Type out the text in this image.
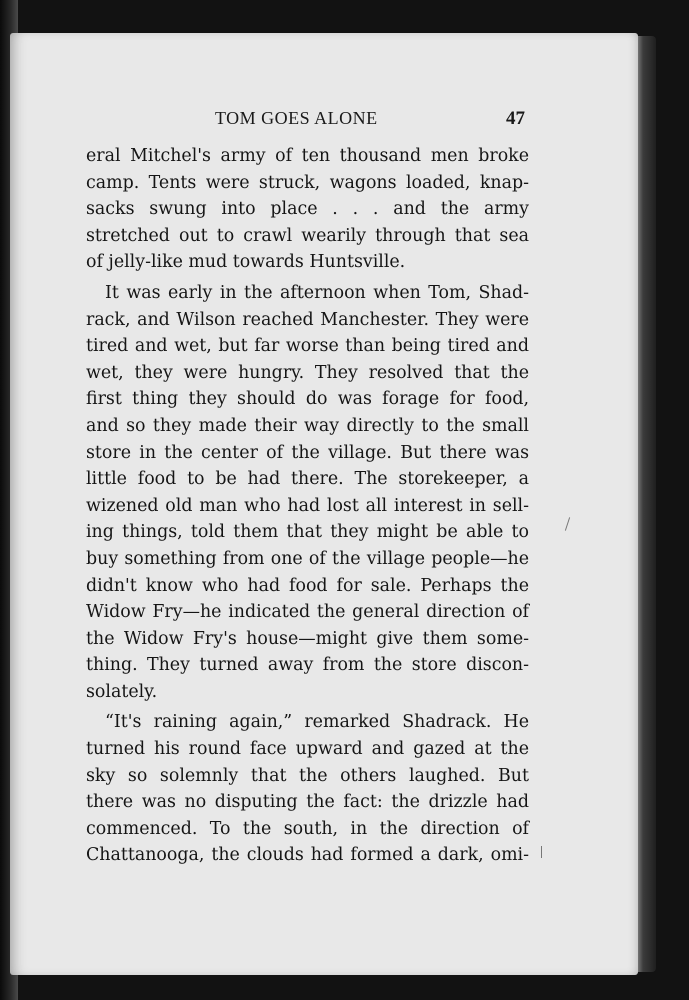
TOM GOES ALONE	47
eral Mitchel's army of ten thousand men broke
camp. Tents were struck, wagons loaded, knap-
sacks swung into place . . . and the army
stretched out to crawl wearily through that sea
of jelly-like mud towards Huntsville.
It was early in the afternoon when Tom, Shad-
rack, and Wilson reached Manchester. They were
tired and wet, but far worse than being tired and
wet, they were hungry. They resolved that the
first thing they should do was forage for food,
and so they made their way directly to the small
store in the center of the village. But there was
little food to be had there. The storekeeper, a
wizened old man who had lost all interest in sell-
ing things, told them that they might be able to
buy something from one of the village people—he
didn't know who had food for sale. Perhaps the
Widow Fry—he indicated the general direction of
the Widow Fry's house—might give them some-
thing. They turned away from the store discon-
solately.
“It's raining again,” remarked Shadrack. He
turned his round face upward and gazed at the
sky so solemnly that the others laughed. But
there was no disputing the fact: the drizzle had
commenced. To the south, in the direction of
Chattanooga, the clouds had formed a dark, omi-
